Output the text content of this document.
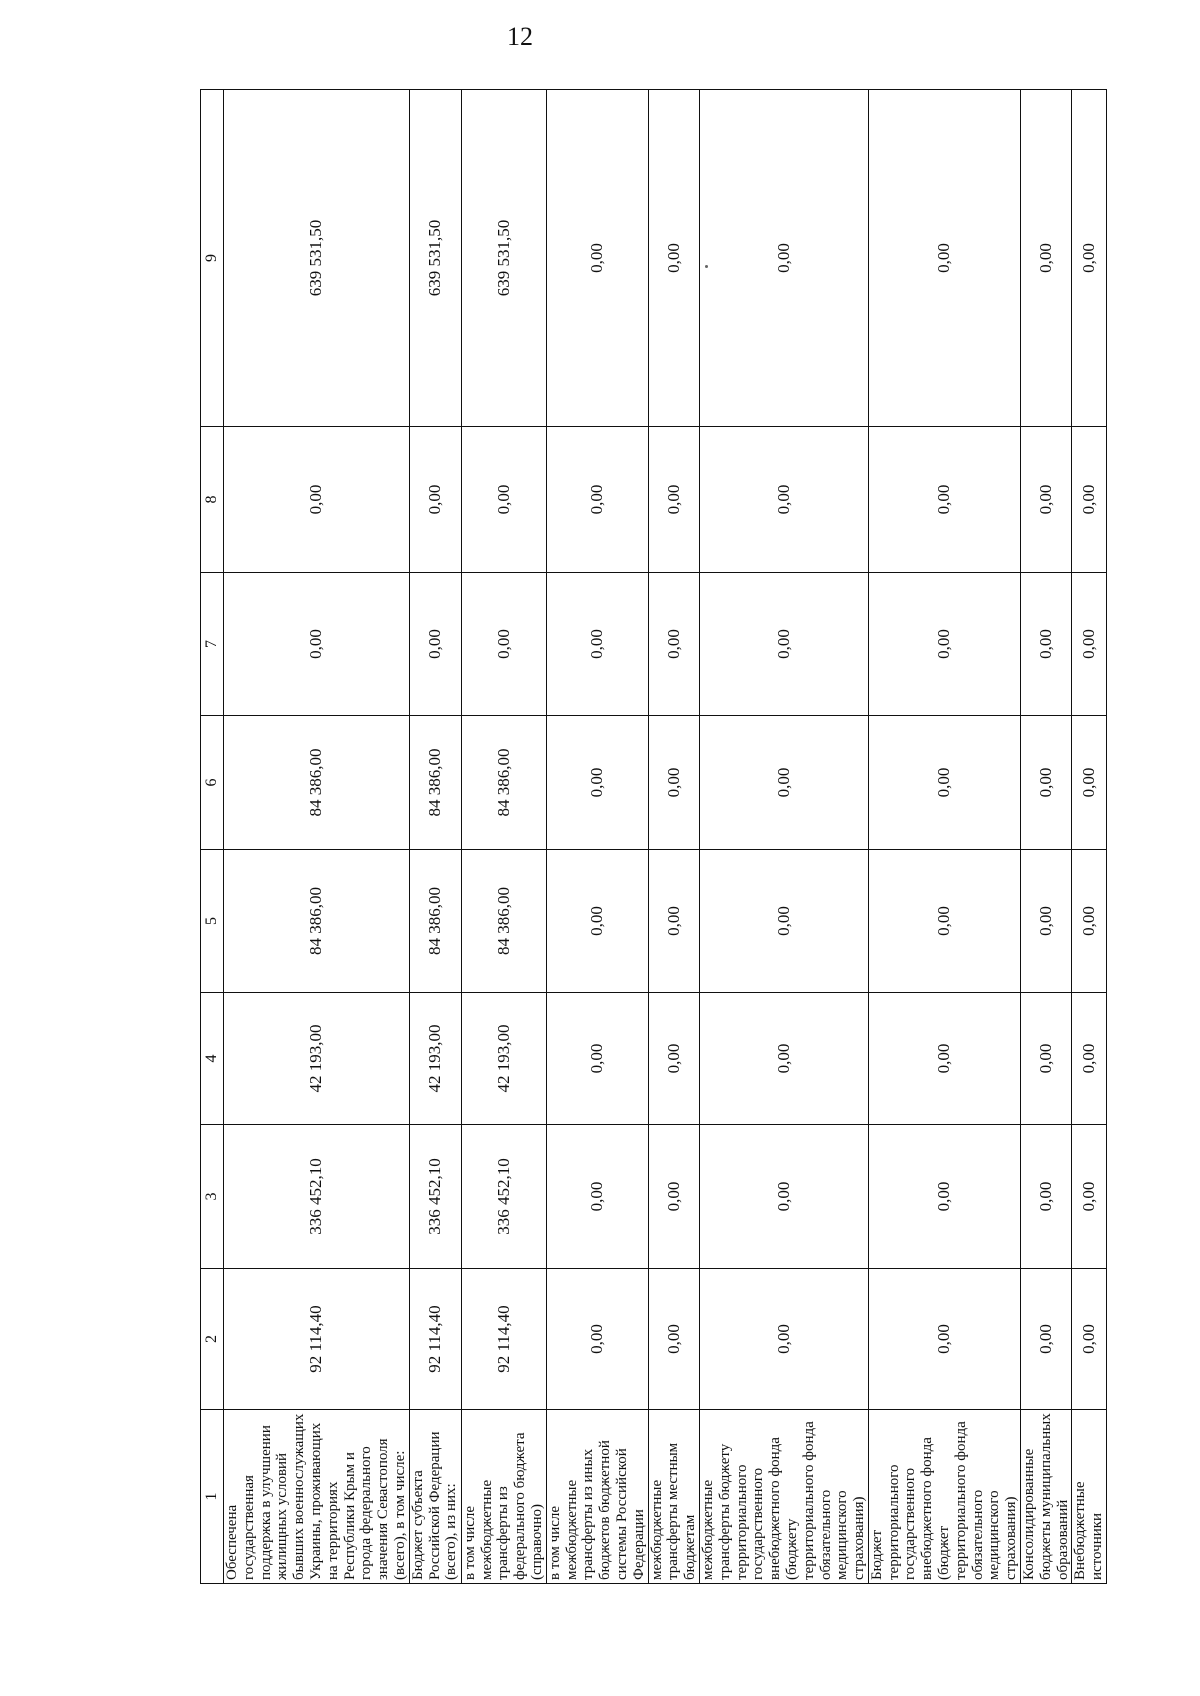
12
1	2	3	4	5	6	7	8	9
Обеспечена государственная поддержка в улучшении жилищных условий бывших военнослужащих Украины, проживающих на территориях Республики Крым и города федерального значения Севастополя (всего), в том числе:	92 114,40	336 452,10	42 193,00	84 386,00	84 386,00	0,00	0,00	639 531,50
Бюджет субъекта Российской Федерации (всего), из них:	92 114,40	336 452,10	42 193,00	84 386,00	84 386,00	0,00	0,00	639 531,50
в том числе межбюджетные трансферты из федерального бюджета (справочно)	92 114,40	336 452,10	42 193,00	84 386,00	84 386,00	0,00	0,00	639 531,50
в том числе межбюджетные трансферты из иных бюджетов бюджетной системы Российской Федерации	0,00	0,00	0,00	0,00	0,00	0,00	0,00	0,00
межбюджетные трансферты местным бюджетам	0,00	0,00	0,00	0,00	0,00	0,00	0,00	0,00
межбюджетные трансферты бюджету территориального государственного внебюджетного фонда (бюджету территориального фонда обязательного медицинского страхования)	0,00	0,00	0,00	0,00	0,00	0,00	0,00	0,00
Бюджет территориального государственного внебюджетного фонда (бюджет территориального фонда обязательного медицинского страхования)	0,00	0,00	0,00	0,00	0,00	0,00	0,00	0,00
Консолидированные бюджеты муниципальных образований	0,00	0,00	0,00	0,00	0,00	0,00	0,00	0,00
Внебюджетные источники	0,00	0,00	0,00	0,00	0,00	0,00	0,00	0,00
